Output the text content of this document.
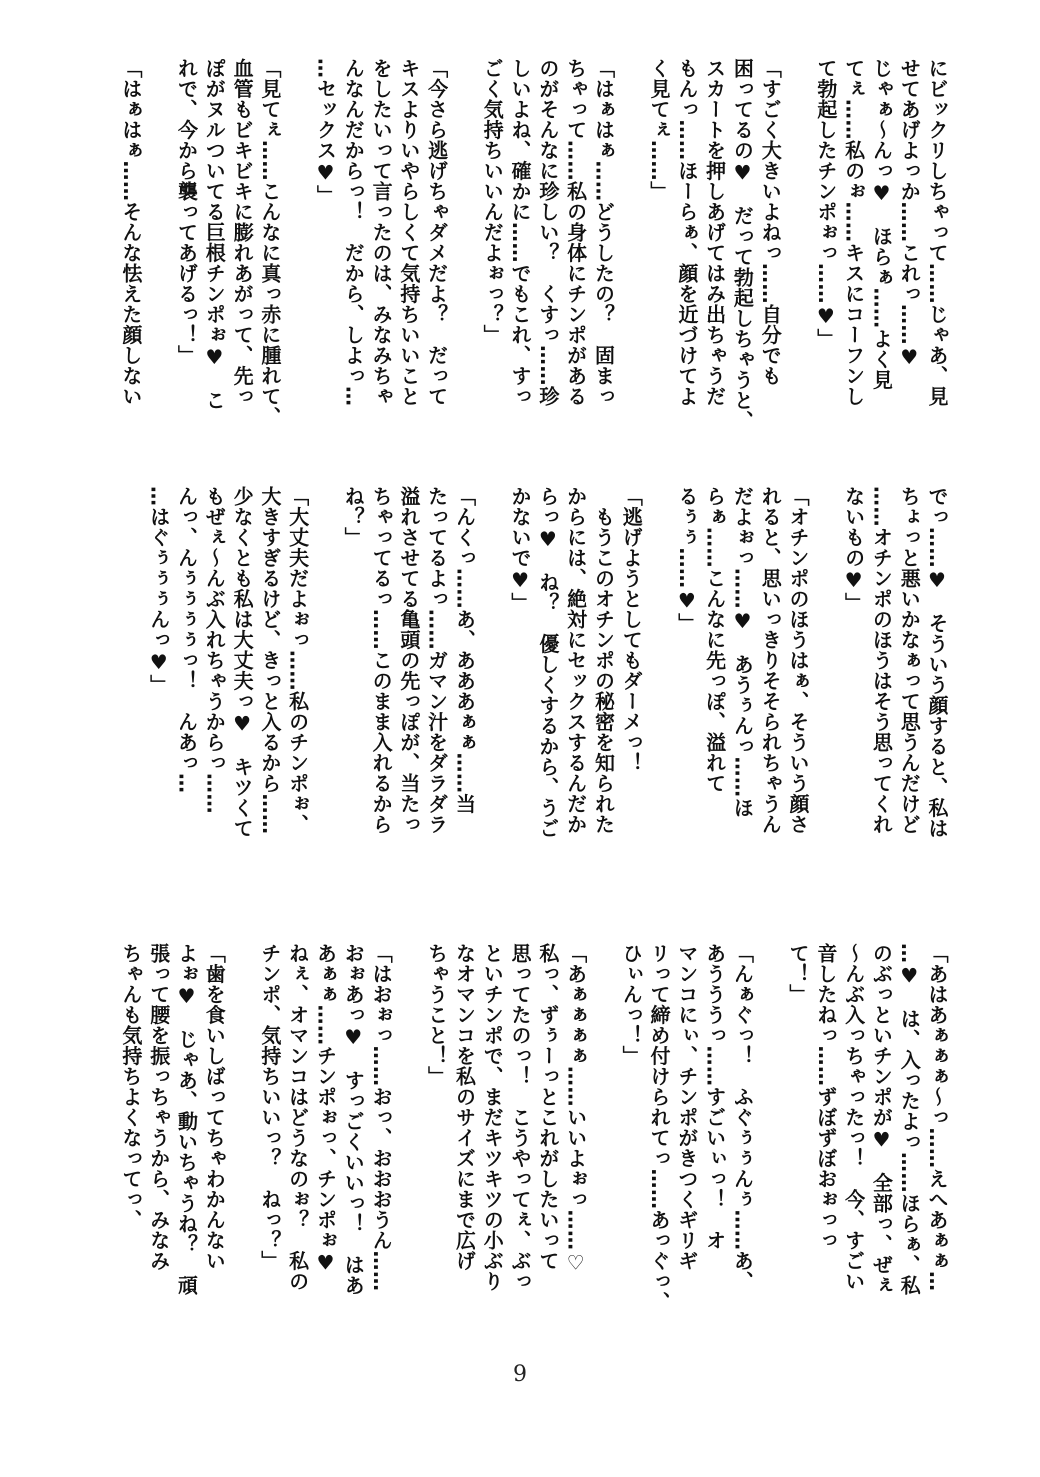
にビックリしちゃって……じゃあ、見
せてあげよっか……これっ……♥
じゃぁ〜んっ♥　ほらぁ……よく見
てぇ……私のぉ……キスにコーフンし
て勃起したチンポぉっ……♥」

「すごく大きいよねっ……自分でも
困ってるの♥　だって勃起しちゃうと、
スカートを押しあげてはみ出ちゃうだ
もんっ……ほーらぁ、顔を近づけてよ
く見てぇ……」

「はぁはぁ……どうしたの？　固まっ
ちゃって……私の身体にチンポがある
のがそんなに珍しい？　くすっ……珍
しいよね、確かに……でもこれ、すっ
ごく気持ちいいんだよぉっ？」

「今さら逃げちゃダメだよ？　だって
キスよりいやらしくて気持ちいいこと
をしたいって言ったのは、みなみちゃ
んなんだからっ！　だから、しよっ…
…セックス♥」

「見てぇ……こんなに真っ赤に腫れて、
血管もビキビキに膨れあがって、先っ
ぽがヌルついてる巨根チンポぉ♥　こ
れで、今から襲ってあげるっ！」

「はぁはぁ……そんな怯えた顔しない
でっ……♥　そういう顔すると、私は
ちょっと悪いかなぁって思うんだけど
……オチンポのほうはそう思ってくれ
ないもの♥」

「オチンポのほうはぁ、そういう顔さ
れると、思いっきりそそられちゃうん
だよぉっ……♥　あうぅんっ……ほ
らぁ……こんなに先っぽ、溢れて
るぅぅ……♥」

「逃げようとしてもダーメっ！
　もうこのオチンポの秘密を知られた
からには、絶対にセックスするんだか
らっ♥　ね？　優しくするから、うご
かないで♥」

「んくっ……あ、あああぁぁ……当
たってるよっ……ガマン汁をダラダラ
溢れさせてる亀頭の先っぽが、当たっ
ちゃってるっ……このまま入れるから
ね？」

「大丈夫だよぉっ……私のチンポぉ、
大きすぎるけど、きっと入るから……
少なくとも私は大丈夫っ♥　キツくて
もぜぇ〜んぶ入れちゃうからっ……
んっ、んぅぅぅぅっ！　んあっ…
…はぐぅぅぅんっ♥」
「あはあぁぁぁ〜っ……えへあぁぁ…
…♥　は、入ったよっ……ほらぁ、私
のぶっといチンポが♥　全部っ、ぜぇ
〜んぶ入っちゃったっ！　今、すごい
音したねっ……ずぼずぼおぉっっ
て！」

「んぁぐっ！　ふぐぅぅんぅ……あ、
あうううっ……すごいぃっ！　オ
マンコにぃ、チンポがきつくギリギ
リって締め付けられてっ……あっぐっ、
ひぃんっ！」

「あぁぁぁぁ……いいよぉっ……♡
私っ、ずぅーっとこれがしたいって
思ってたのっ！　こうやってぇ、ぶっ
といチンポで、まだキツキツの小ぶり
なオマンコを私のサイズにまで広げ
ちゃうこと！」

「はおぉっ……おっ、おおおうん……
おぉあっ♥　すっごくいいっ！　はあ
あぁぁ……チンポぉっ、チンポぉ♥
ねぇ、オマンコはどうなのぉ？　私の
チンポ、気持ちいいっ？　ねっ？」

「歯を食いしばってちゃわかんない
よぉ♥　じゃあ、動いちゃうね？　頑
張って腰を振っちゃうから、みなみ
ちゃんも気持ちよくなってっ、
9
